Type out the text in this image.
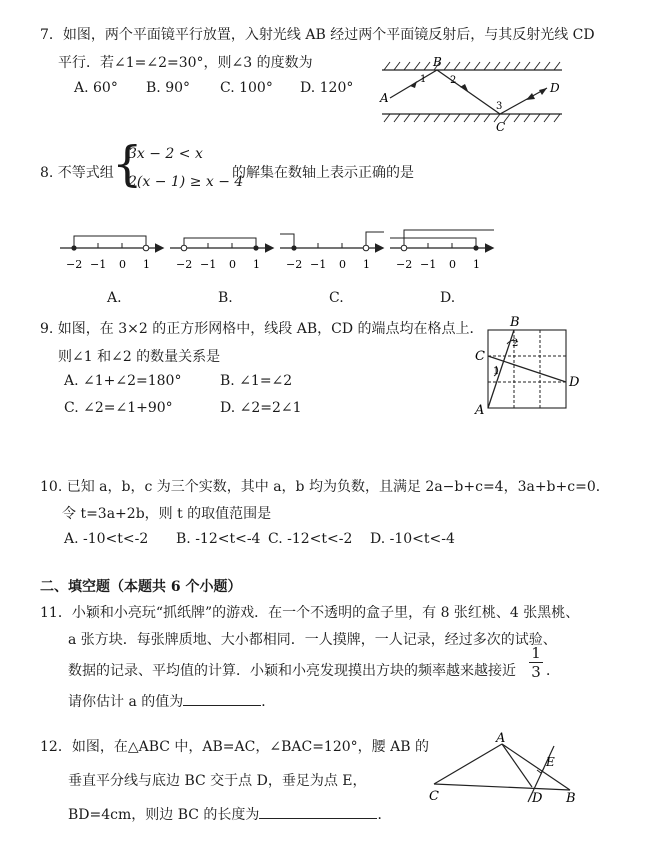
7．如图，两个平面镜平行放置，入射光线 AB 经过两个平面镜反射后，与其反射光线 CD
平行．若∠1=∠2=30°，则∠3 的度数为
A. 60° B. 90° C. 100° D. 120°
A
B
C
D
1 2
3
8. 不等式组
{
3x − 2 < x
2(x − 1) ≥ x − 4
的解集在数轴上表示正确的是
−2 −1 0 1 −2 −1 0 1 −2 −1 0 1 −2 −1 0 1
A.	B.	C.	D.
9. 如图，在 3×2 的正方形网格中，线段 AB，CD 的端点均在格点上．
则∠1 和∠2 的数量关系是
A. ∠1+∠2=180°	B. ∠1=∠2
C. ∠2=∠1+90°	D. ∠2=2∠1
B
C
D
A
1
2
10. 已知 a，b，c 为三个实数，其中 a，b 均为负数，且满足 2a−b+c=4，3a+b+c=0．
令 t=3a+2b，则 t 的取值范围是
A. -10<t<-2 B. -12<t<-4 C. -12<t<-2 D. -10<t<-4
二、填空题（本题共 6 个小题）
11．小颖和小亮玩“抓纸牌”的游戏．在一个不透明的盒子里，有 8 张红桃、4 张黑桃、
a 张方块．每张牌质地、大小都相同．一人摸牌，一人记录，经过多次的试验、
数据的记录、平均值的计算．小颖和小亮发现摸出方块的频率越来越接近
1
3 ．
请你估计 a 的值为	．
12．如图，在△ABC 中，AB=AC，∠BAC=120°，腰 AB 的
垂直平分线与底边 BC 交于点 D，垂足为点 E，
BD=4cm，则边 BC 的长度为	．
A
B
C	D
E
